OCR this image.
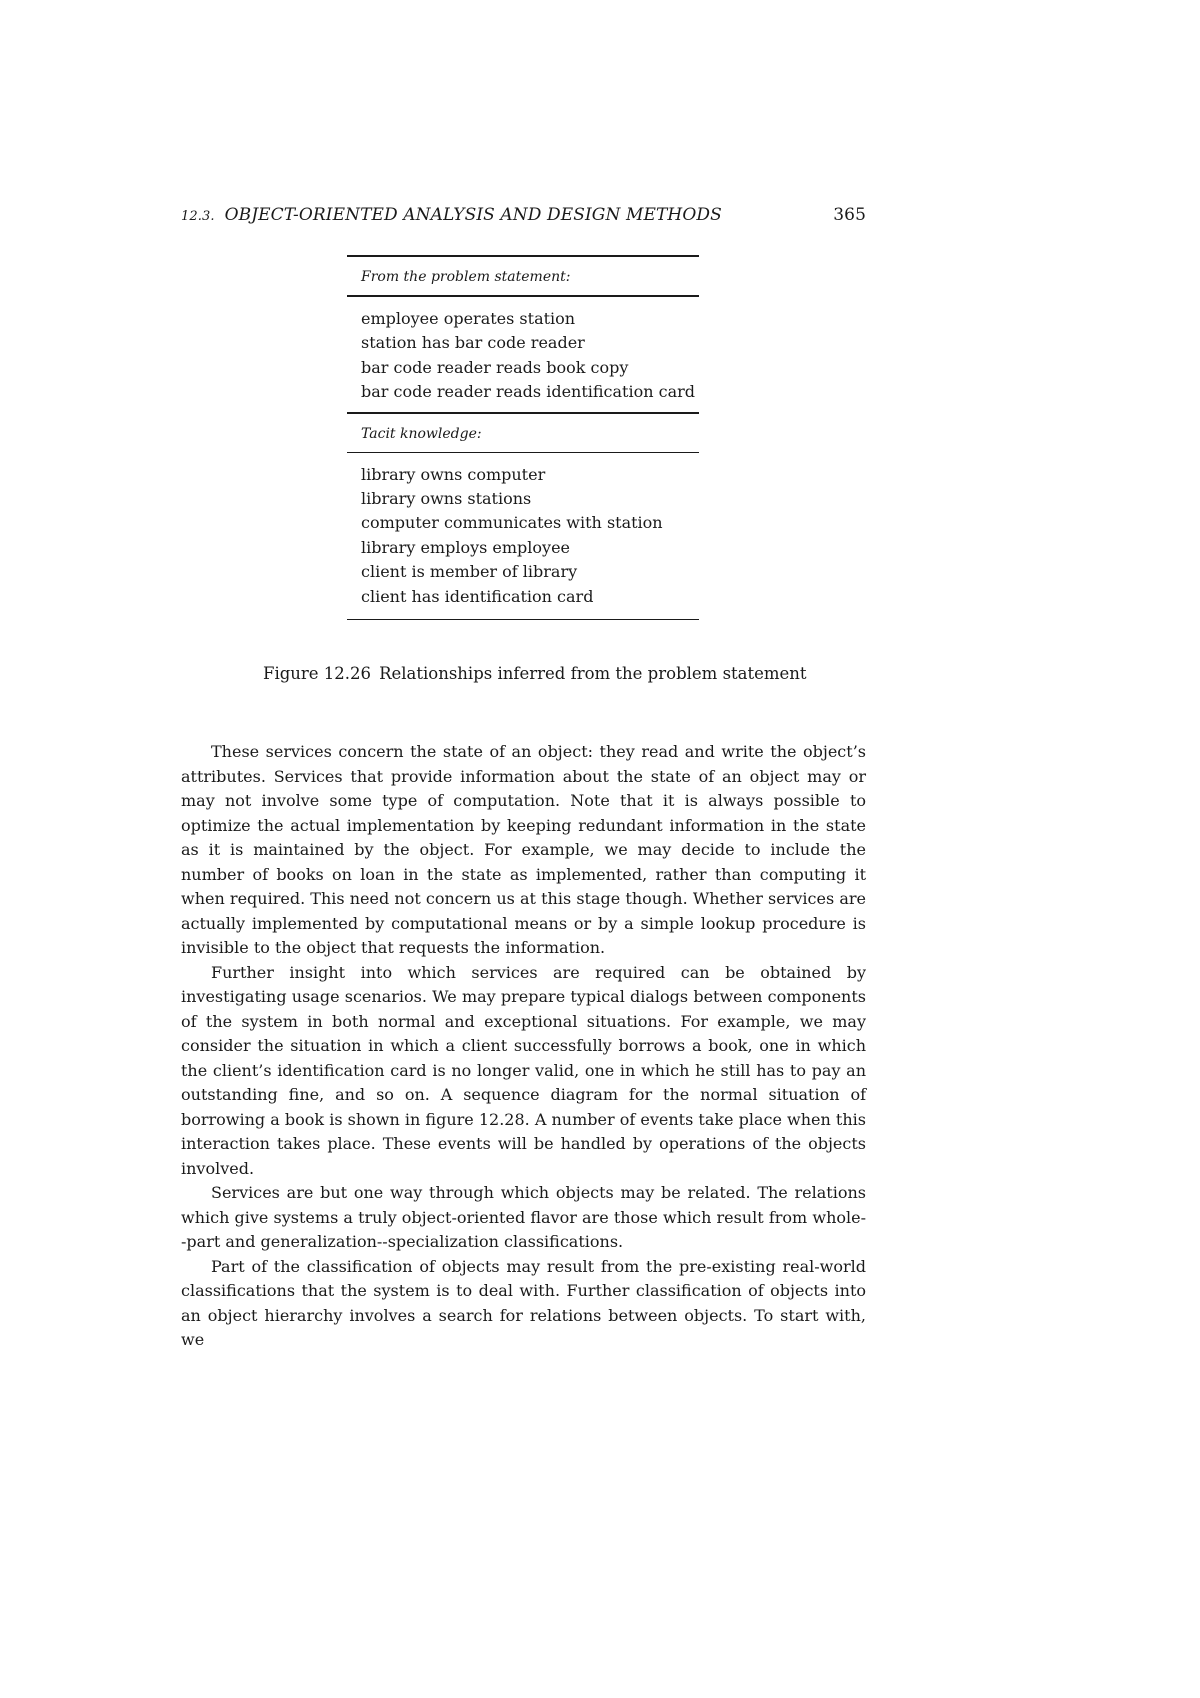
12.3. OBJECT-ORIENTED ANALYSIS AND DESIGN METHODS	365
From the problem statement:
employee operates station
station has bar code reader
bar code reader reads book copy
bar code reader reads identification card
Tacit knowledge:
library owns computer
library owns stations
computer communicates with station
library employs employee
client is member of library
client has identification card
Figure 12.26 Relationships inferred from the problem statement

These services concern the state of an object: they read and write the object’s attributes. Services that provide information about the state of an object may or may not involve some type of computation. Note that it is always possible to optimize the actual implementation by keeping redundant information in the state as it is maintained by the object. For example, we may decide to include the number of books on loan in the state as implemented, rather than computing it when required. This need not concern us at this stage though. Whether services are actually implemented by computational means or by a simple lookup procedure is invisible to the object that requests the information.

Further insight into which services are required can be obtained by investigating usage scenarios. We may prepare typical dialogs between components of the system in both normal and exceptional situations. For example, we may consider the situation in which a client successfully borrows a book, one in which the client’s identification card is no longer valid, one in which he still has to pay an outstanding fine, and so on. A sequence diagram for the normal situation of borrowing a book is shown in figure 12.28. A number of events take place when this interaction takes place. These events will be handled by operations of the objects involved.

Services are but one way through which objects may be related. The relations which give systems a truly object-oriented flavor are those which result from whole--part and generalization--specialization classifications.

Part of the classification of objects may result from the pre-existing real-world classifications that the system is to deal with. Further classification of objects into an object hierarchy involves a search for relations between objects. To start with, we
